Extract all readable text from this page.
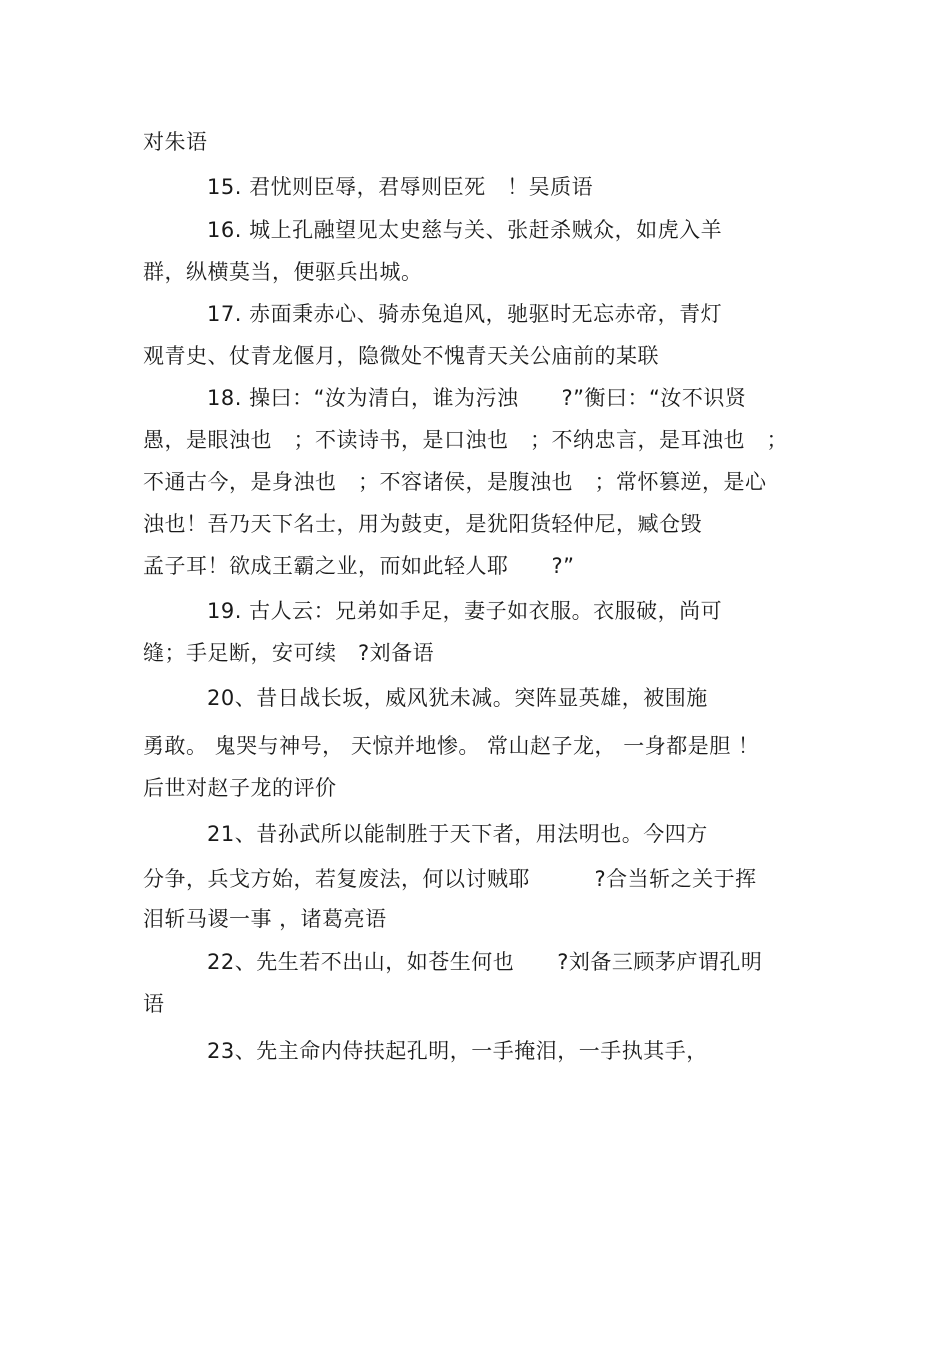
对朱语
15. 君忧则臣辱，君辱则臣死　！吴质语
16. 城上孔融望见太史慈与关、张赶杀贼众，如虎入羊
群，纵横莫当，便驱兵出城。
17. 赤面秉赤心、骑赤兔追风，驰驱时无忘赤帝，青灯
观青史、仗青龙偃月，隐微处不愧青天关公庙前的某联
18. 操曰：“汝为清白，谁为污浊　　?”衡曰：“汝不识贤
愚，是眼浊也　；不读诗书，是口浊也　；不纳忠言，是耳浊也　；
不通古今，是身浊也　；不容诸侯，是腹浊也　；常怀篡逆，是心
浊也！吾乃天下名士，用为鼓吏，是犹阳货轻仲尼，臧仓毁
孟子耳！欲成王霸之业，而如此轻人耶　　?”
19. 古人云：兄弟如手足，妻子如衣服。衣服破，尚可
缝；手足断，安可续　?刘备语
20、昔日战长坂，威风犹未减。突阵显英雄，被围施
勇敢。 鬼哭与神号， 天惊并地惨。 常山赵子龙， 一身都是胆 ！
后世对赵子龙的评价
21、昔孙武所以能制胜于天下者，用法明也。今四方
分争，兵戈方始，若复废法，何以讨贼耶　　　?合当斩之关于挥
泪斩马谡一事 ，诸葛亮语
22、先生若不出山，如苍生何也　　?刘备三顾茅庐谓孔明
语
23、先主命内侍扶起孔明，一手掩泪，一手执其手，
